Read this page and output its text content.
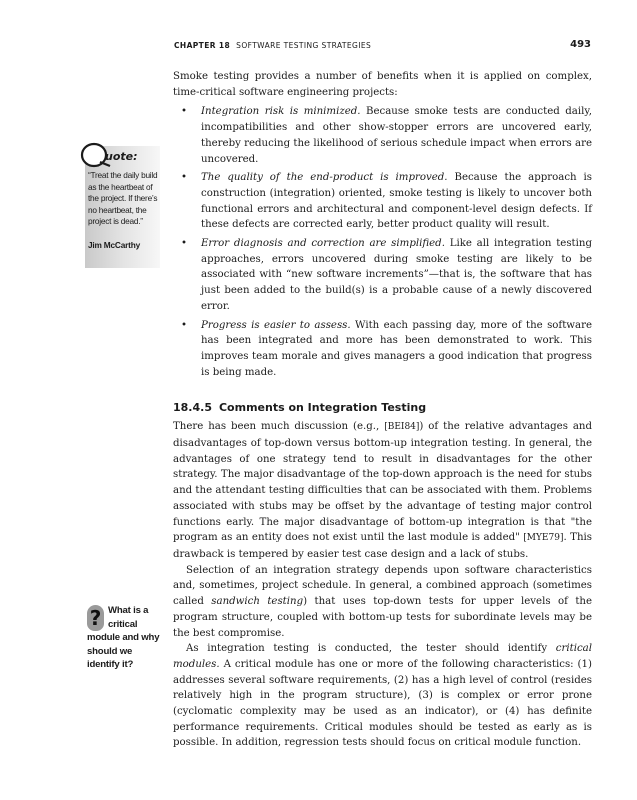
CHAPTER 18 SOFTWARE TESTING STRATEGIES	493
uote:
“Treat the daily build as the heartbeat of the project. If there’s no heartbeat, the project is dead.”
Jim McCarthy
? What is a critical module and why should we identify it?

Smoke testing provides a number of benefits when it is applied on complex, time-critical software engineering projects:

• Integration risk is minimized. Because smoke tests are conducted daily, incompatibilities and other show-stopper errors are uncovered early, thereby reducing the likelihood of serious schedule impact when errors are uncovered.
• The quality of the end-product is improved. Because the approach is construction (integration) oriented, smoke testing is likely to uncover both functional errors and architectural and component-level design defects. If these defects are corrected early, better product quality will result.
• Error diagnosis and correction are simplified. Like all integration testing approaches, errors uncovered during smoke testing are likely to be associated with “new software increments”—that is, the software that has just been added to the build(s) is a probable cause of a newly discovered error.
• Progress is easier to assess. With each passing day, more of the software has been integrated and more has been demonstrated to work. This improves team morale and gives managers a good indication that progress is being made.
18.4.5 Comments on Integration Testing

There has been much discussion (e.g., [BEI84]) of the relative advantages and disadvantages of top-down versus bottom-up integration testing. In general, the advantages of one strategy tend to result in disadvantages for the other strategy. The major disadvantage of the top-down approach is the need for stubs and the attendant testing difficulties that can be associated with them. Problems associated with stubs may be offset by the advantage of testing major control functions early. The major disadvantage of bottom-up integration is that "the program as an entity does not exist until the last module is added" [MYE79]. This drawback is tempered by easier test case design and a lack of stubs.

Selection of an integration strategy depends upon software characteristics and, sometimes, project schedule. In general, a combined approach (sometimes called sandwich testing) that uses top-down tests for upper levels of the program structure, coupled with bottom-up tests for subordinate levels may be the best compromise.

As integration testing is conducted, the tester should identify critical modules. A critical module has one or more of the following characteristics: (1) addresses several software requirements, (2) has a high level of control (resides relatively high in the program structure), (3) is complex or error prone (cyclomatic complexity may be used as an indicator), or (4) has definite performance requirements. Critical modules should be tested as early as is possible. In addition, regression tests should focus on critical module function.
